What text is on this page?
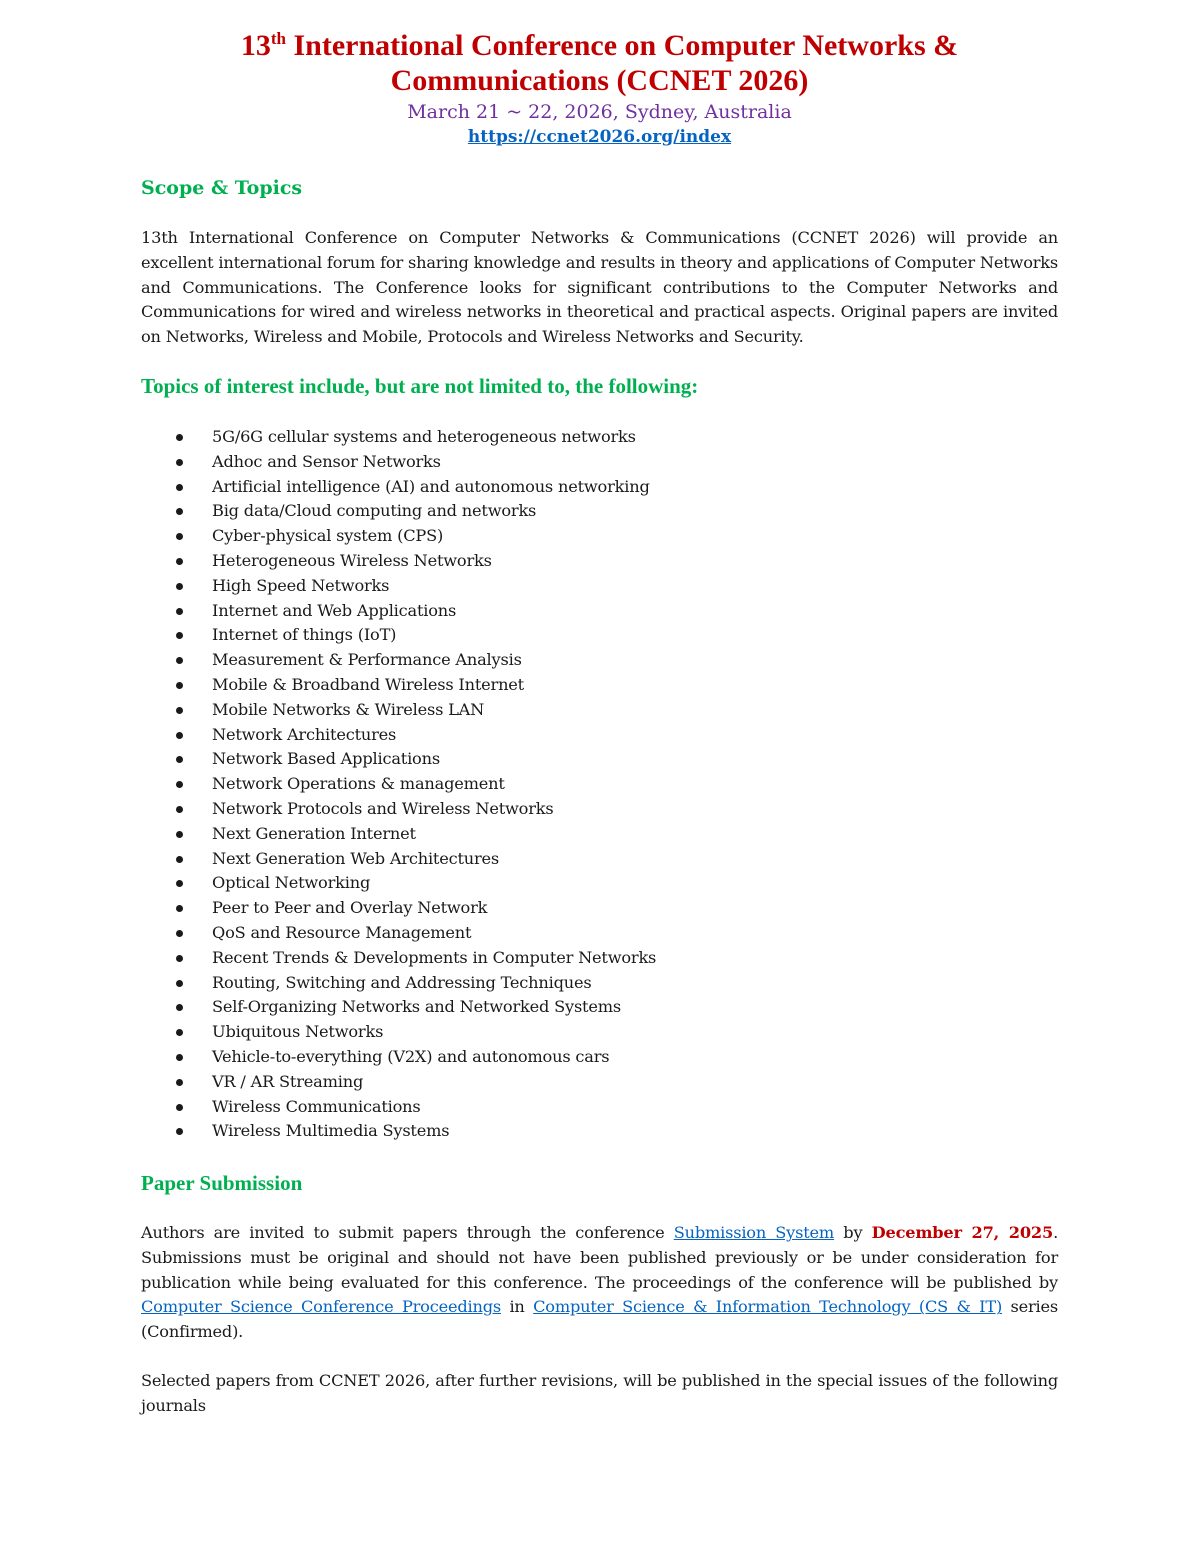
13th International Conference on Computer Networks &
Communications (CCNET 2026)
March 21 ~ 22, 2026, Sydney, Australia
https://ccnet2026.org/index
Scope & Topics

13th International Conference on Computer Networks & Communications (CCNET 2026) will provide an excellent international forum for sharing knowledge and results in theory and applications of Computer Networks and Communications. The Conference looks for significant contributions to the Computer Networks and Communications for wired and wireless networks in theoretical and practical aspects. Original papers are invited on Networks, Wireless and Mobile, Protocols and Wireless Networks and Security.

Topics of interest include, but are not limited to, the following:
5G/6G cellular systems and heterogeneous networks
Adhoc and Sensor Networks
Artificial intelligence (AI) and autonomous networking
Big data/Cloud computing and networks
Cyber-physical system (CPS)
Heterogeneous Wireless Networks
High Speed Networks
Internet and Web Applications
Internet of things (IoT)
Measurement & Performance Analysis
Mobile & Broadband Wireless Internet
Mobile Networks & Wireless LAN
Network Architectures
Network Based Applications
Network Operations & management
Network Protocols and Wireless Networks
Next Generation Internet
Next Generation Web Architectures
Optical Networking
Peer to Peer and Overlay Network
QoS and Resource Management
Recent Trends & Developments in Computer Networks
Routing, Switching and Addressing Techniques
Self-Organizing Networks and Networked Systems
Ubiquitous Networks
Vehicle-to-everything (V2X) and autonomous cars
VR / AR Streaming
Wireless Communications
Wireless Multimedia Systems
Paper Submission

Authors are invited to submit papers through the conference Submission System by December 27, 2025. Submissions must be original and should not have been published previously or be under consideration for publication while being evaluated for this conference. The proceedings of the conference will be published by Computer Science Conference Proceedings in Computer Science & Information Technology (CS & IT) series (Confirmed).

Selected papers from CCNET 2026, after further revisions, will be published in the special issues of the following journals
